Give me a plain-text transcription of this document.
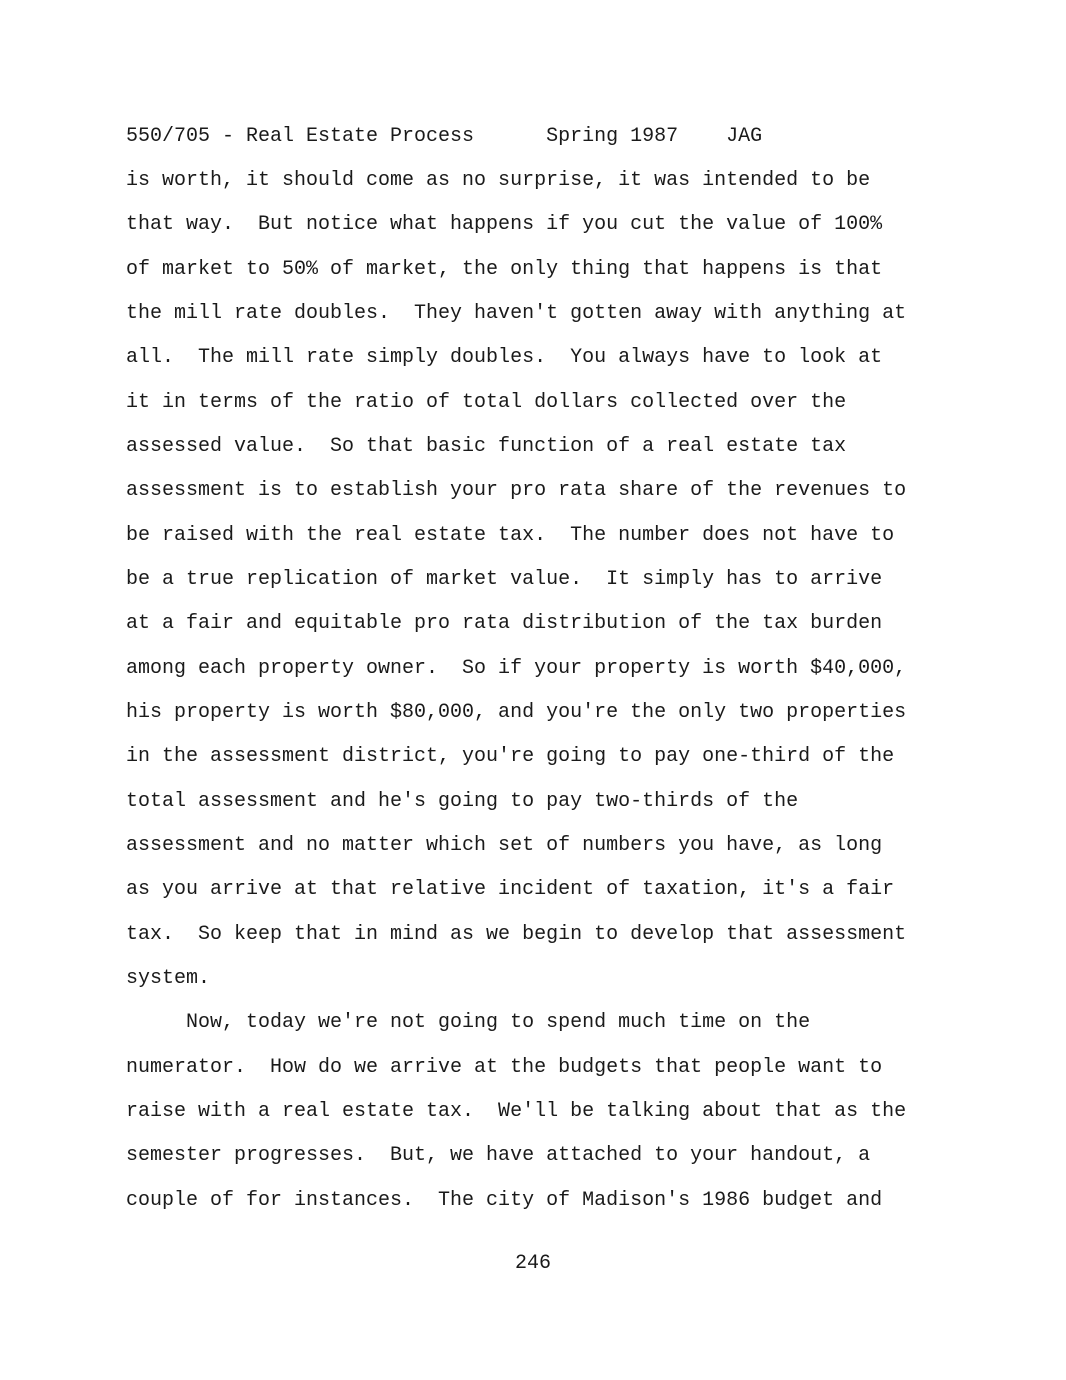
550/705 - Real Estate Process	Spring 1987 JAG
is worth, it should come as no surprise, it was intended to be
that way.  But notice what happens if you cut the value of 100%
of market to 50% of market, the only thing that happens is that
the mill rate doubles.  They haven't gotten away with anything at
all.  The mill rate simply doubles.  You always have to look at
it in terms of the ratio of total dollars collected over the
assessed value.  So that basic function of a real estate tax
assessment is to establish your pro rata share of the revenues to
be raised with the real estate tax.  The number does not have to
be a true replication of market value.  It simply has to arrive
at a fair and equitable pro rata distribution of the tax burden
among each property owner.  So if your property is worth $40,000,
his property is worth $80,000, and you're the only two properties
in the assessment district, you're going to pay one-third of the
total assessment and he's going to pay two-thirds of the
assessment and no matter which set of numbers you have, as long
as you arrive at that relative incident of taxation, it's a fair
tax.  So keep that in mind as we begin to develop that assessment
system.
Now, today we're not going to spend much time on the
numerator.  How do we arrive at the budgets that people want to
raise with a real estate tax.  We'll be talking about that as the
semester progresses.  But, we have attached to your handout, a
couple of for instances.  The city of Madison's 1986 budget and
246
